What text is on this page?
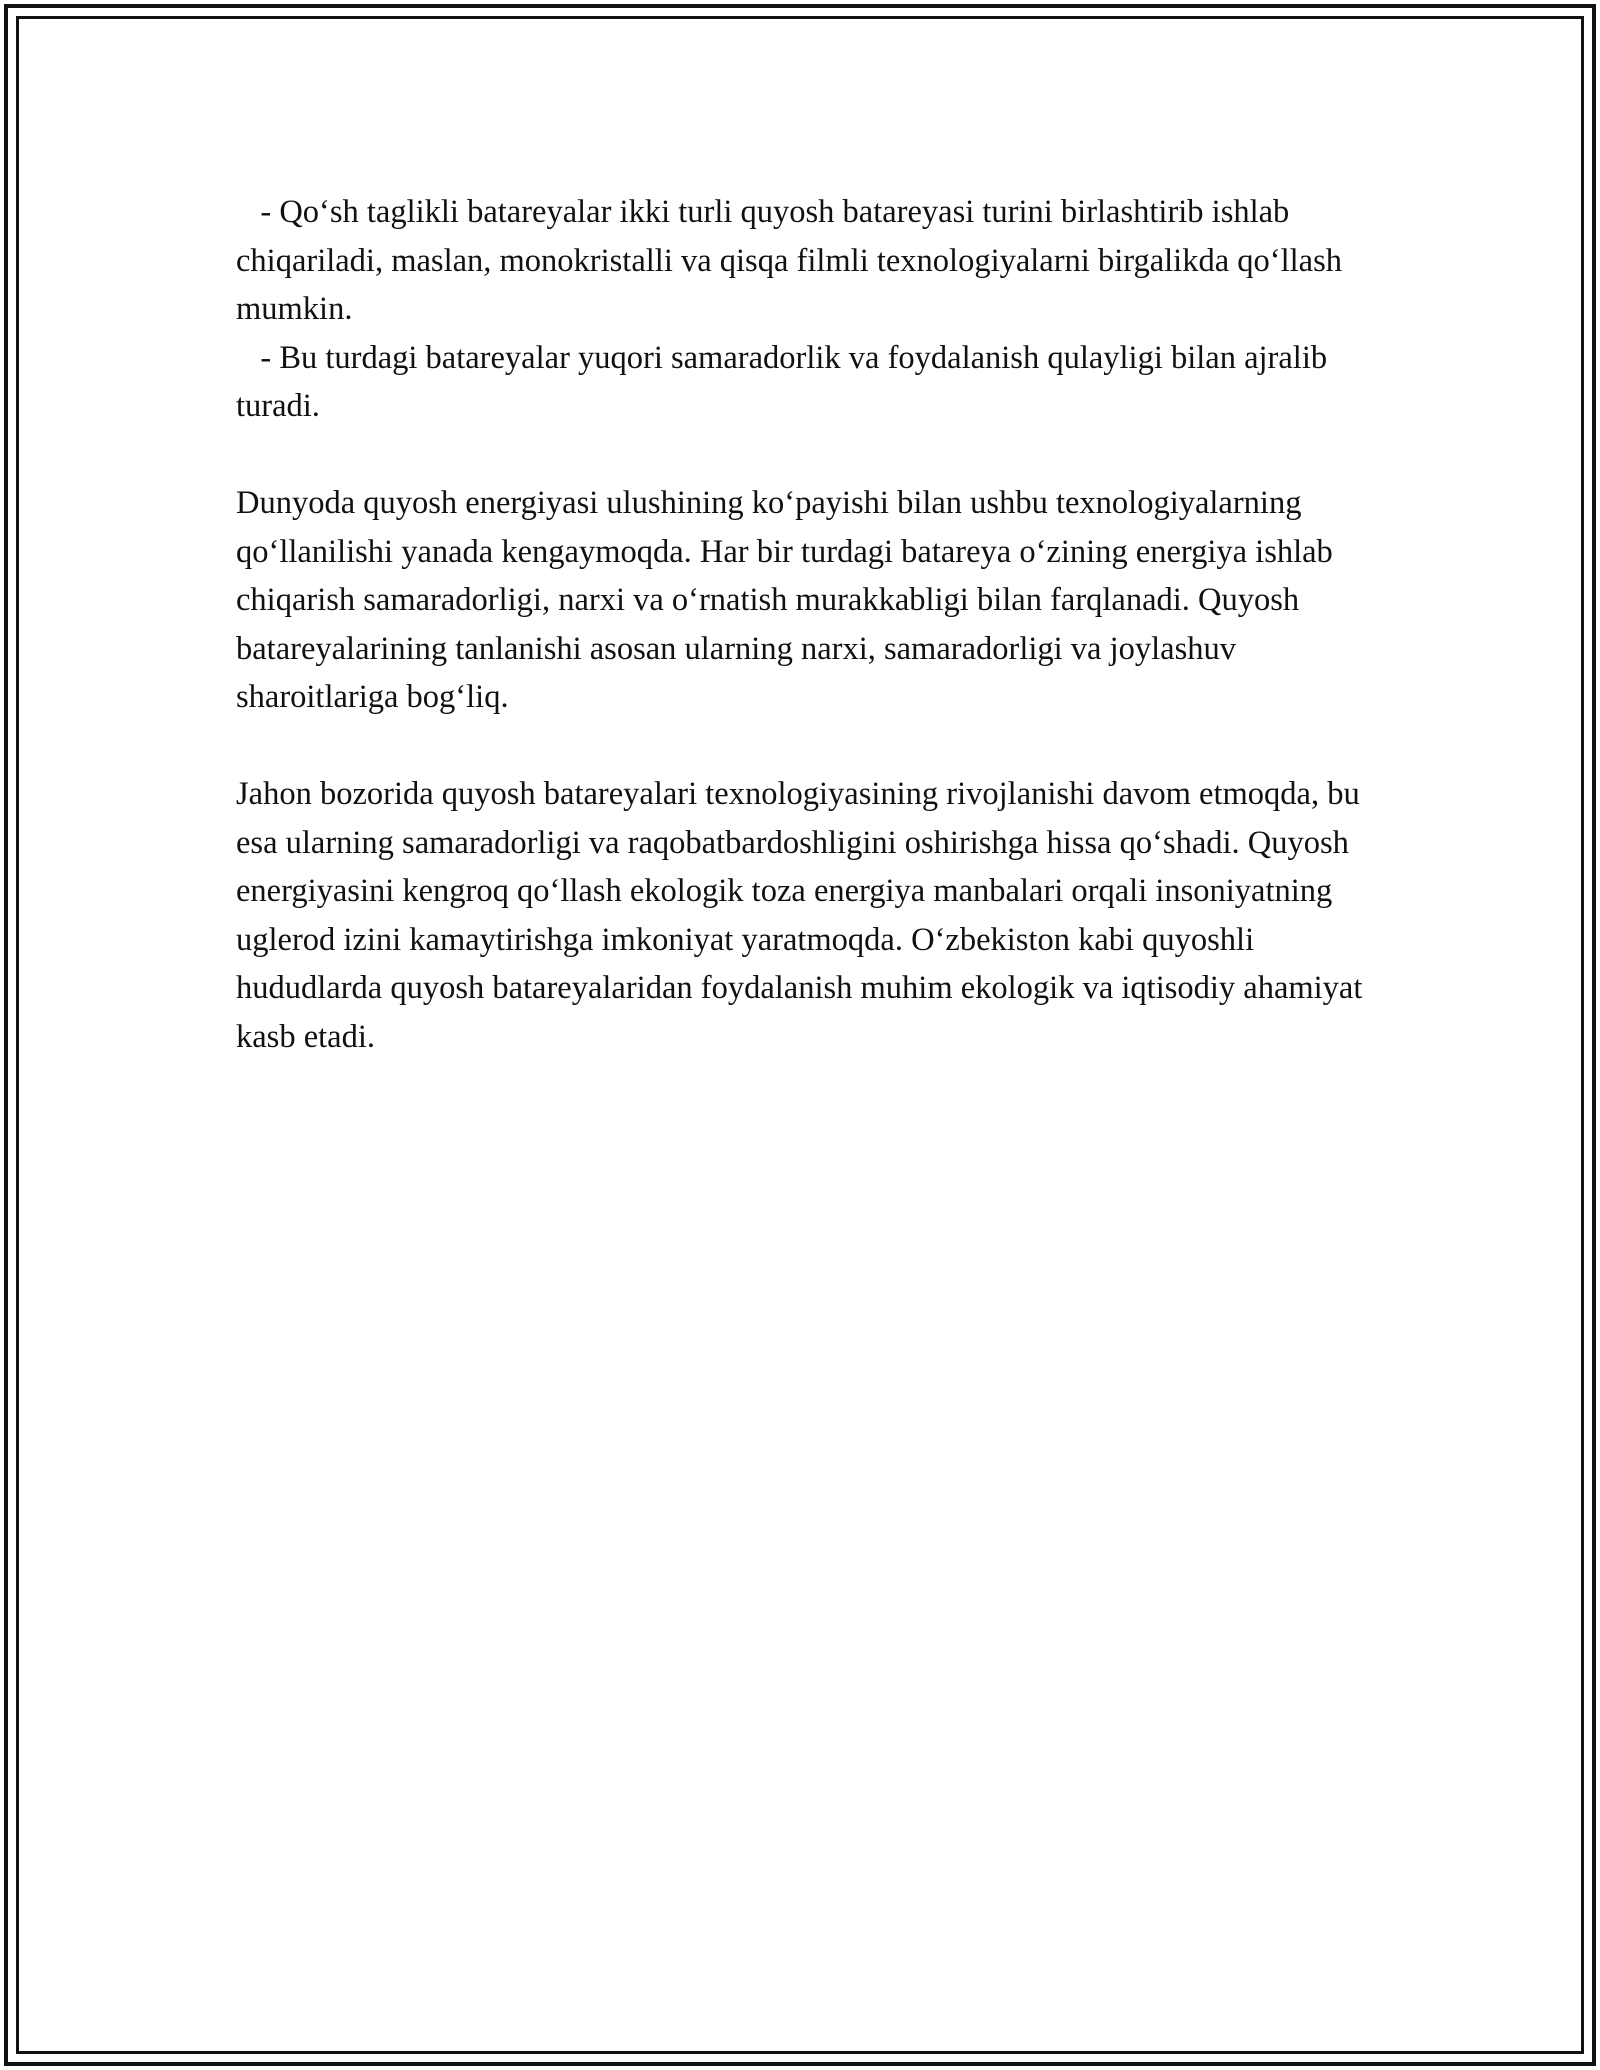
- Qo‘sh taglikli batareyalar ikki turli quyosh batareyasi turini birlashtirib ishlab chiqariladi, maslan, monokristalli va qisqa filmli texnologiyalarni birgalikda qo‘llash mumkin.

- Bu turdagi batareyalar yuqori samaradorlik va foydalanish qulayligi bilan ajralib turadi.

Dunyoda quyosh energiyasi ulushining ko‘payishi bilan ushbu texnologiyalarning qo‘llanilishi yanada kengaymoqda. Har bir turdagi batareya o‘zining energiya ishlab chiqarish samaradorligi, narxi va o‘rnatish murakkabligi bilan farqlanadi. Quyosh batareyalarining tanlanishi asosan ularning narxi, samaradorligi va joylashuv sharoitlariga bog‘liq.

Jahon bozorida quyosh batareyalari texnologiyasining rivojlanishi davom etmoqda, bu esa ularning samaradorligi va raqobatbardoshligini oshirishga hissa qo‘shadi. Quyosh energiyasini kengroq qo‘llash ekologik toza energiya manbalari orqali insoniyatning uglerod izini kamaytirishga imkoniyat yaratmoqda. O‘zbekiston kabi quyoshli hududlarda quyosh batareyalaridan foydalanish muhim ekologik va iqtisodiy ahamiyat kasb etadi.
